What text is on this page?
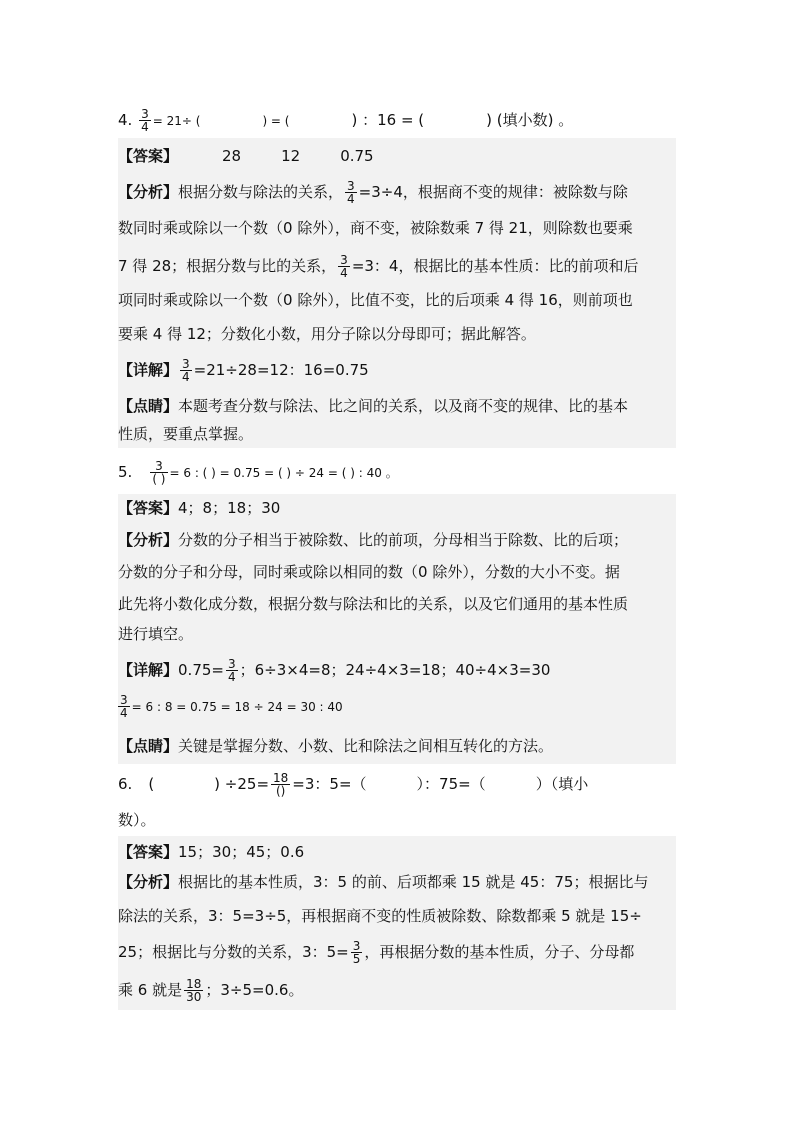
4. $\frac{3}{4} = 21\div$ (	) = (	) ：16 = (	) (填小数) 。
【答案】	28	12	0.75
【分析】根据分数与除法的关系， $\frac{3}{4} =3\div 4$，根据商不变的规律：被除数与除
数同时乘或除以一个数（0 除外），商不变，被除数乘 7 得 21，则除数也要乘
7 得 28；根据分数与比的关系， $\frac{3}{4} =3$：4，根据比的基本性质：比的前项和后
项同时乘或除以一个数（0 除外），比值不变，比的后项乘 4 得 16，则前项也
要乘 4 得 12；分数化小数，用分子除以分母即可；据此解答。
【详解】 $\frac{3}{4} =21\div 28=12$：16=0.75
【点睛】本题考查分数与除法、比之间的关系，以及商不变的规律、比的基本
性质，要重点掌握。
5. $\frac{3}{( )} = 6$ : ( ) = 0.75 = ( ) ÷ 24 = ( ) : 40 。
【答案】4；8；18；30
【分析】分数的分子相当于被除数、比的前项，分母相当于除数、比的后项；
分数的分子和分母，同时乘或除以相同的数（0 除外），分数的大小不变。据
此先将小数化成分数，根据分数与除法和比的关系，以及它们通用的基本性质
进行填空。
【详解】$0.75= \frac{3}{4}$ ；6÷3×4=8；24÷4×3=18；40÷4×3=30
$\frac{3}{4} = 6$ : 8 = 0.75 = 18 ÷ 24 = 30 : 40
【点睛】关键是掌握分数、小数、比和除法之间相互转化的方法。
6. (	) $\div 25= \frac{18}{()} =3$：5=（	）：75=（	）（填小
数）。
【答案】15；30；45；0.6
【分析】根据比的基本性质，3：5 的前、后项都乘 15 就是 45：75；根据比与
除法的关系，3：5=3÷5，再根据商不变的性质被除数、除数都乘 5 就是 15÷
25；根据比与分数的关系，3：$5= \frac{3}{5}$ ，再根据分数的基本性质，分子、分母都
乘 6 就是 $\frac{18}{30}$ ；3÷5=0.6。
